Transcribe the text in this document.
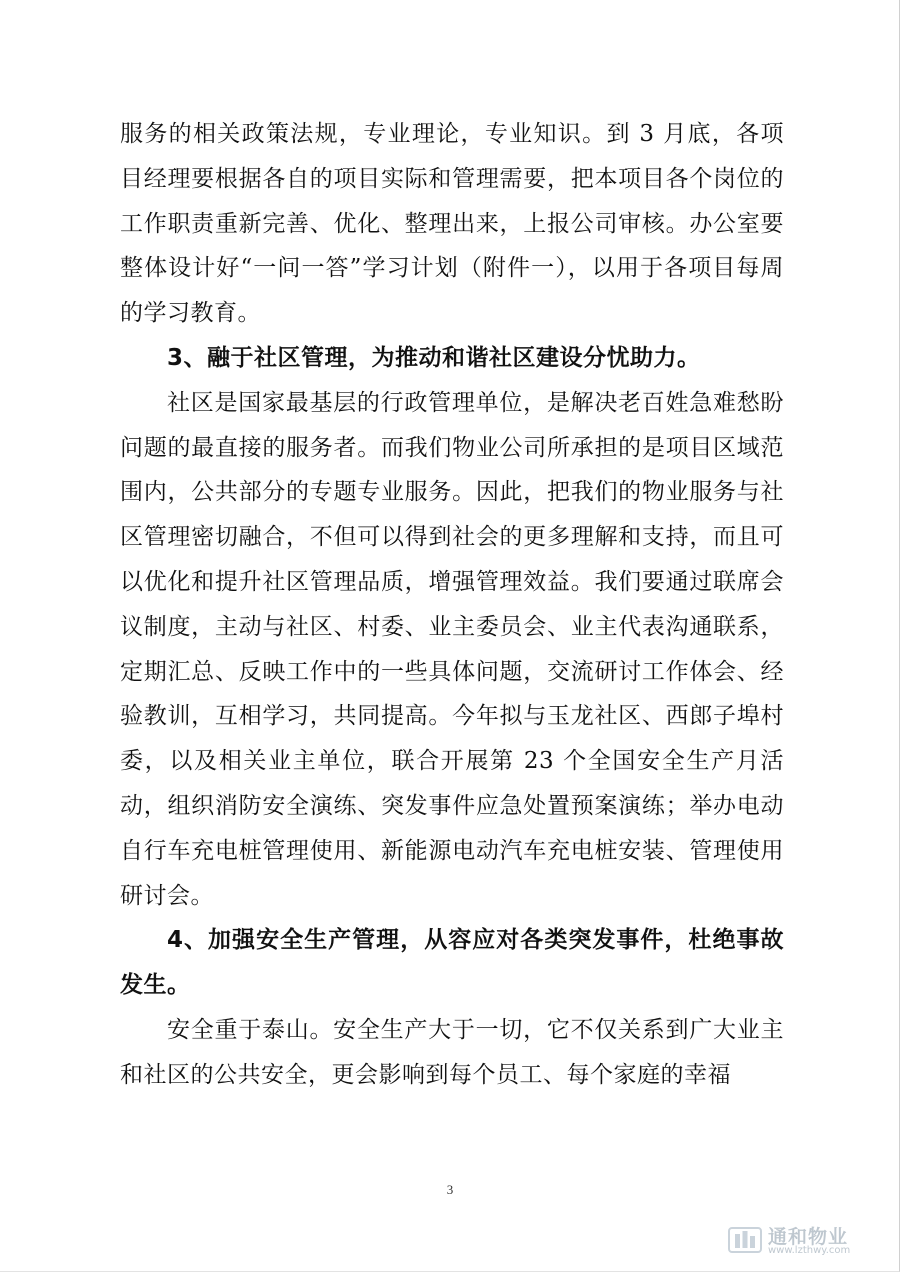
服务的相关政策法规，专业理论，专业知识。到 3 月底，各项目经理要根据各自的项目实际和管理需要，把本项目各个岗位的工作职责重新完善、优化、整理出来，上报公司审核。办公室要整体设计好“一问一答”学习计划（附件一），以用于各项目每周的学习教育。

3、融于社区管理，为推动和谐社区建设分忧助力。

社区是国家最基层的行政管理单位，是解决老百姓急难愁盼问题的最直接的服务者。而我们物业公司所承担的是项目区域范围内，公共部分的专题专业服务。因此，把我们的物业服务与社区管理密切融合，不但可以得到社会的更多理解和支持，而且可以优化和提升社区管理品质，增强管理效益。我们要通过联席会议制度，主动与社区、村委、业主委员会、业主代表沟通联系，定期汇总、反映工作中的一些具体问题，交流研讨工作体会、经验教训，互相学习，共同提高。今年拟与玉龙社区、西郎子埠村委，以及相关业主单位，联合开展第 23 个全国安全生产月活动，组织消防安全演练、突发事件应急处置预案演练；举办电动自行车充电桩管理使用、新能源电动汽车充电桩安装、管理使用研讨会。

4、加强安全生产管理，从容应对各类突发事件，杜绝事故发生。

安全重于泰山。安全生产大于一切，它不仅关系到广大业主和社区的公共安全，更会影响到每个员工、每个家庭的幸福

3
通和物业
www.lzthwy.com
